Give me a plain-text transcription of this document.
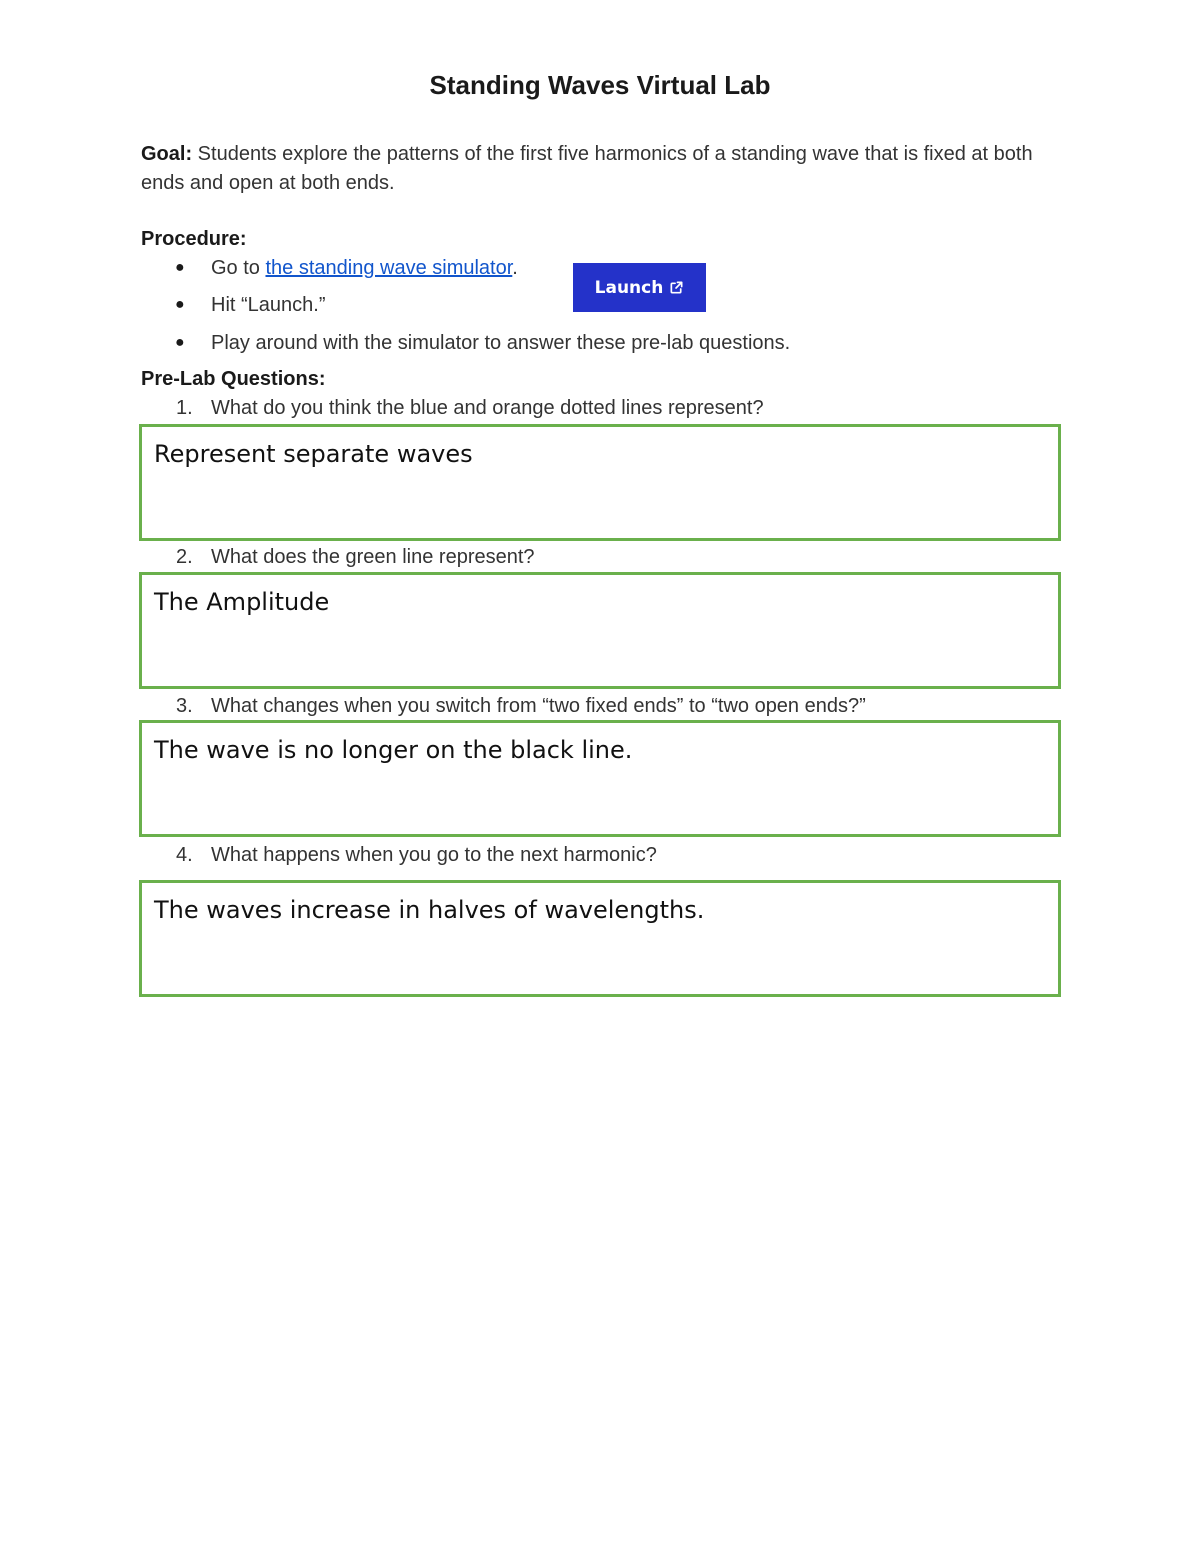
Standing Waves Virtual Lab
Goal: Students explore the patterns of the first five harmonics of a standing wave that is fixed at both ends and open at both ends.
Procedure:
● Go to the standing wave simulator.
● Hit “Launch.”
● Play around with the simulator to answer these pre-lab questions.
Launch
Pre-Lab Questions:
1. What do you think the blue and orange dotted lines represent?
Represent separate waves
2. What does the green line represent?
The Amplitude
3. What changes when you switch from “two fixed ends” to “two open ends?”
The wave is no longer on the black line.
4. What happens when you go to the next harmonic?
The waves increase in halves of wavelengths.
